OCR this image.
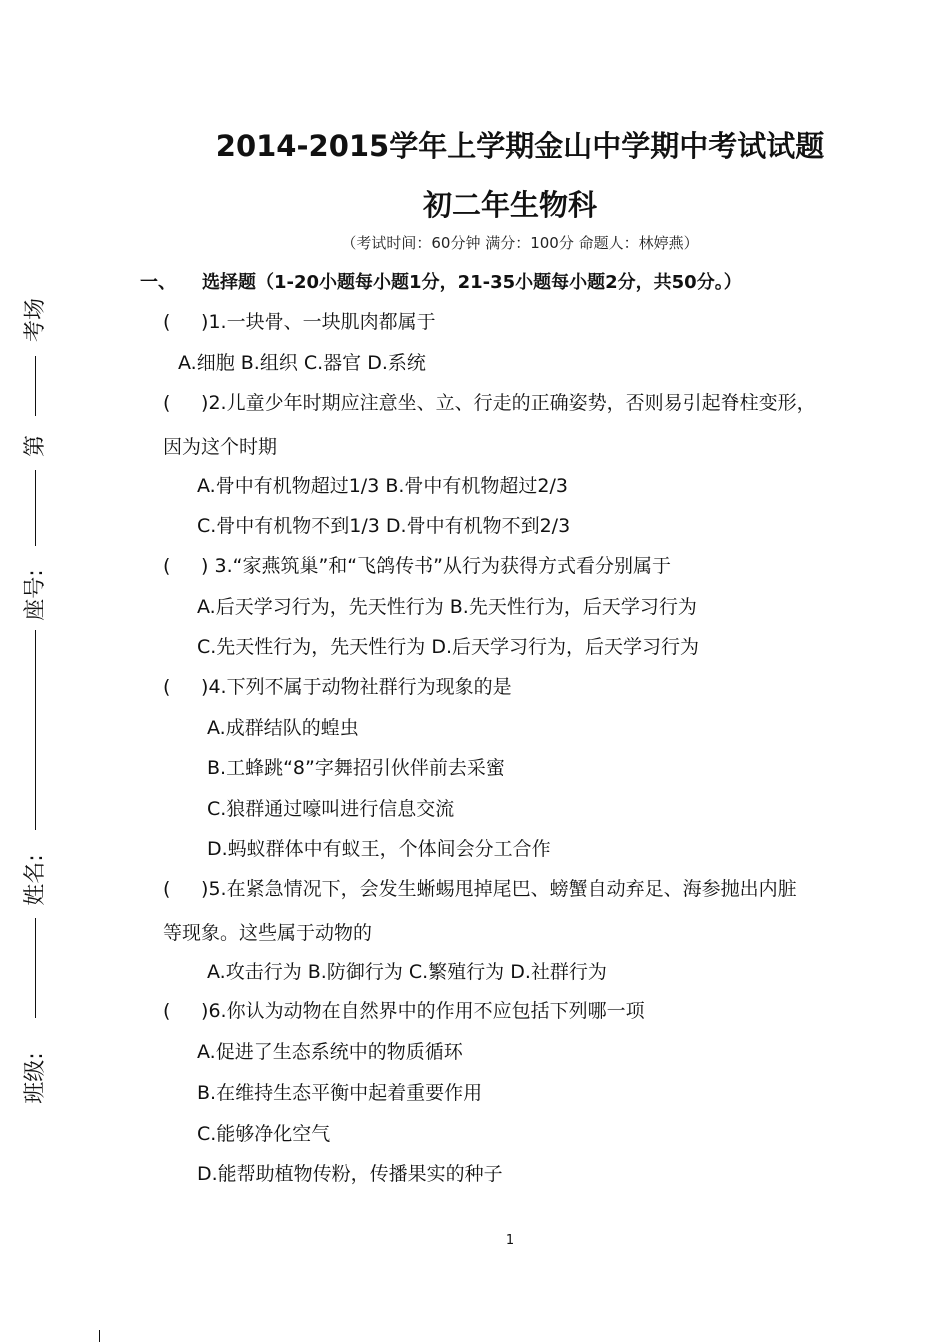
2014-2015学年上学期金山中学期中考试试题
初二年生物科
（考试时间：60分钟 满分：100分 命题人：林婷燕）
一、 选择题（1-20小题每小题1分，21-35小题每小题2分，共50分。）
( )1.一块骨、一块肌肉都属于
A.细胞 B.组织 C.器官 D.系统
( )2.儿童少年时期应注意坐、立、行走的正确姿势，否则易引起脊柱变形，
因为这个时期
A.骨中有机物超过1/3 B.骨中有机物超过2/3
C.骨中有机物不到1/3 D.骨中有机物不到2/3
( ) 3.“家燕筑巢”和“飞鸽传书”从行为获得方式看分别属于
A.后天学习行为，先天性行为 B.先天性行为，后天学习行为
C.先天性行为，先天性行为 D.后天学习行为，后天学习行为
( )4.下列不属于动物社群行为现象的是
A.成群结队的蝗虫
B.工蜂跳“8”字舞招引伙伴前去采蜜
C.狼群通过嚎叫进行信息交流
D.蚂蚁群体中有蚁王，个体间会分工合作
( )5.在紧急情况下，会发生蜥蜴甩掉尾巴、螃蟹自动弃足、海参抛出内脏
等现象。这些属于动物的
A.攻击行为 B.防御行为 C.繁殖行为 D.社群行为
( )6.你认为动物在自然界中的作用不应包括下列哪一项
A.促进了生态系统中的物质循环
B.在维持生态平衡中起着重要作用
C.能够净化空气
D.能帮助植物传粉，传播果实的种子
考场
第
座号:
姓名:
班级:
1
